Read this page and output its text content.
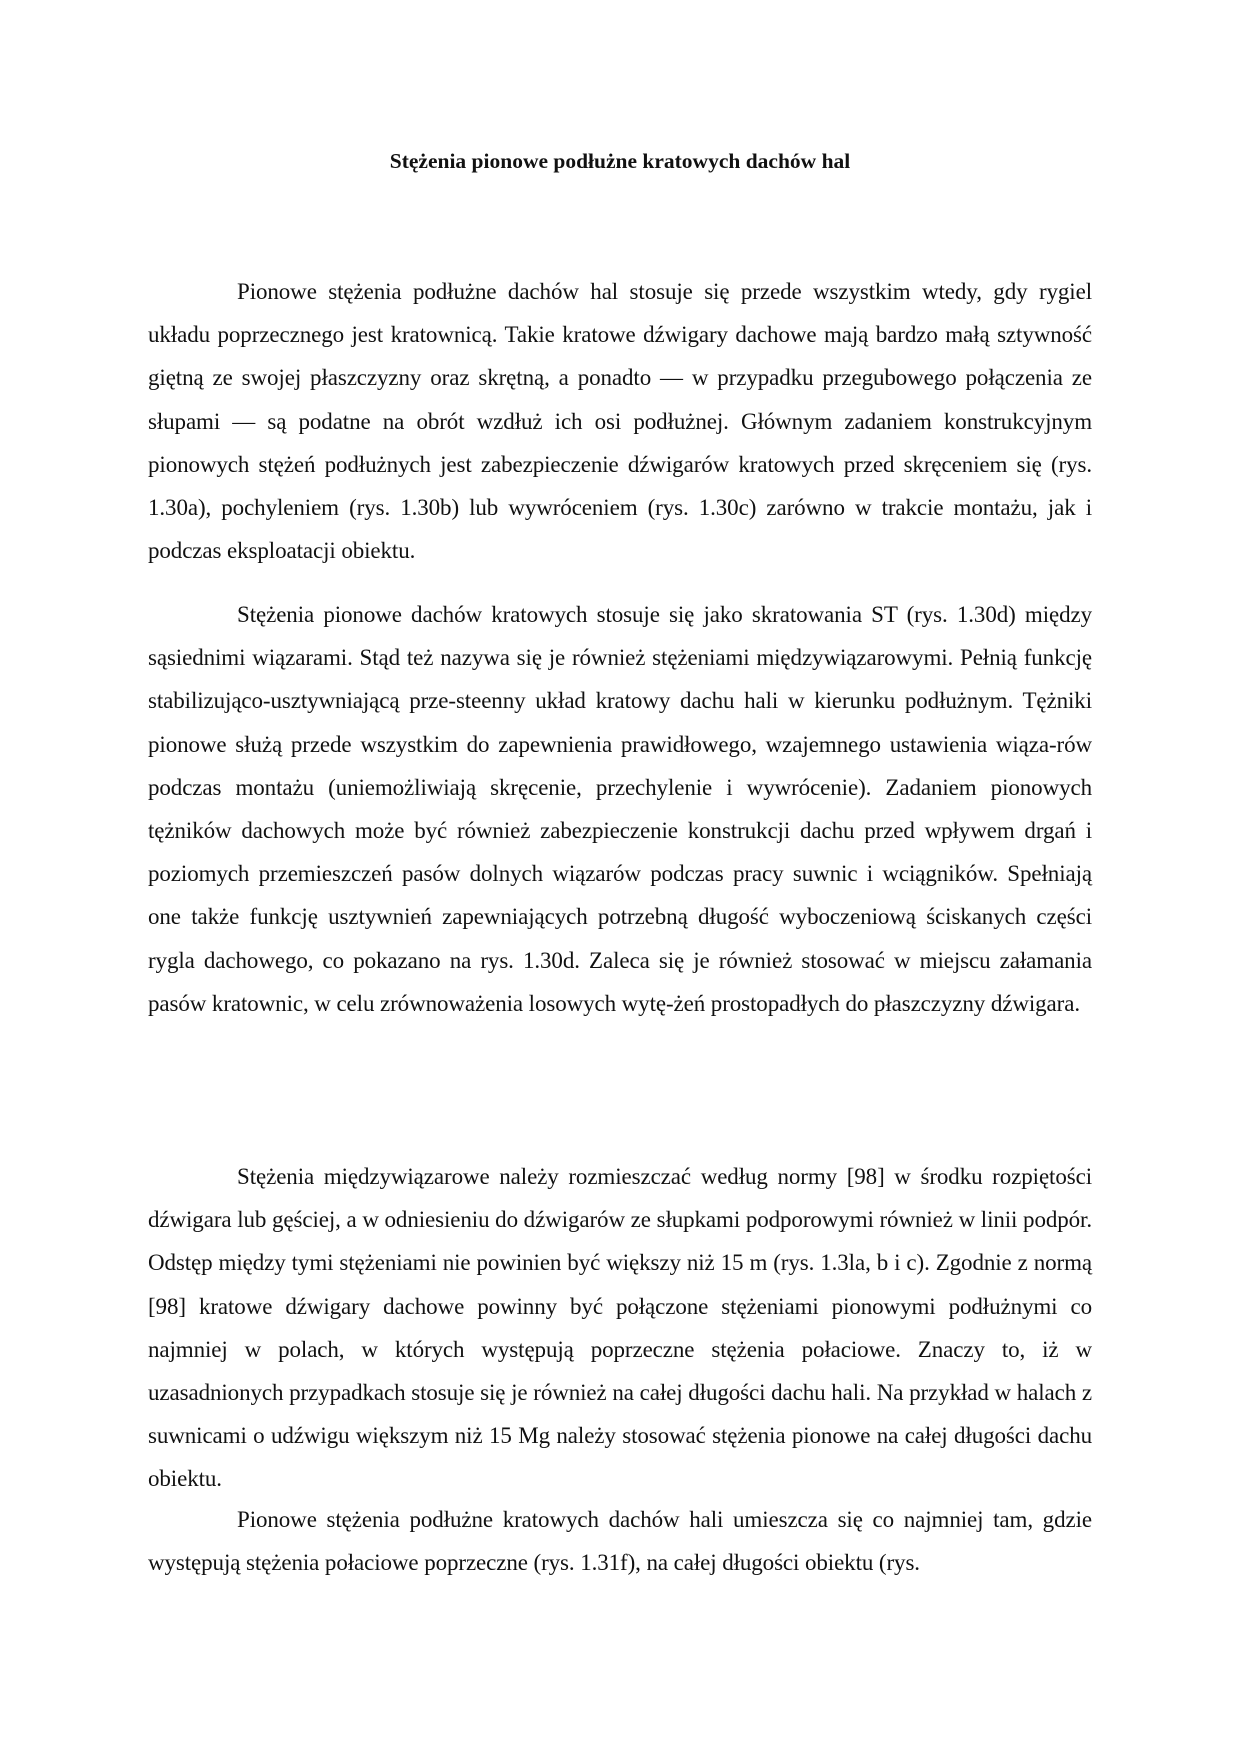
Stężenia pionowe podłużne kratowych dachów hal

Pionowe stężenia podłużne dachów hal stosuje się przede wszystkim wtedy, gdy rygiel układu poprzecznego jest kratownicą. Takie kratowe dźwigary dachowe mają bardzo małą sztywność giętną ze swojej płaszczyzny oraz skrętną, a ponadto — w przypadku przegubowego połączenia ze słupami — są podatne na obrót wzdłuż ich osi podłużnej. Głównym zadaniem konstrukcyjnym pionowych stężeń podłużnych jest zabezpieczenie dźwigarów kratowych przed skręceniem się (rys. 1.30a), pochyleniem (rys. 1.30b) lub wywróceniem (rys. 1.30c) zarówno w trakcie montażu, jak i podczas eksploatacji obiektu.

Stężenia pionowe dachów kratowych stosuje się jako skratowania ST (rys. 1.30d) między sąsiednimi wiązarami. Stąd też nazywa się je również stężeniami międzywiązarowymi. Pełnią funkcję stabilizująco-usztywniającą prze-steenny układ kratowy dachu hali w kierunku podłużnym. Tężniki pionowe służą przede wszystkim do zapewnienia prawidłowego, wzajemnego ustawienia wiąza-rów podczas montażu (uniemożliwiają skręcenie, przechylenie i wywrócenie). Zadaniem pionowych tężników dachowych może być również zabezpieczenie konstrukcji dachu przed wpływem drgań i poziomych przemieszczeń pasów dolnych wiązarów podczas pracy suwnic i wciągników. Spełniają one także funkcję usztywnień zapewniających potrzebną długość wyboczeniową ściskanych części rygla dachowego, co pokazano na rys. 1.30d. Zaleca się je również stosować w miejscu załamania pasów kratownic, w celu zrównoważenia losowych wytę-żeń prostopadłych do płaszczyzny dźwigara.

Stężenia międzywiązarowe należy rozmieszczać według normy [98] w środku rozpiętości dźwigara lub gęściej, a w odniesieniu do dźwigarów ze słupkami podporowymi również w linii podpór. Odstęp między tymi stężeniami nie powinien być większy niż 15 m (rys. 1.3la, b i c). Zgodnie z normą [98] kratowe dźwigary dachowe powinny być połączone stężeniami pionowymi podłużnymi co najmniej w polach, w których występują poprzeczne stężenia połaciowe. Znaczy to, iż w uzasadnionych przypadkach stosuje się je również na całej długości dachu hali. Na przykład w halach z suwnicami o udźwigu większym niż 15 Mg należy stosować stężenia pionowe na całej długości dachu obiektu.

Pionowe stężenia podłużne kratowych dachów hali umieszcza się co najmniej tam, gdzie występują stężenia połaciowe poprzeczne (rys. 1.31f), na całej długości obiektu (rys.
